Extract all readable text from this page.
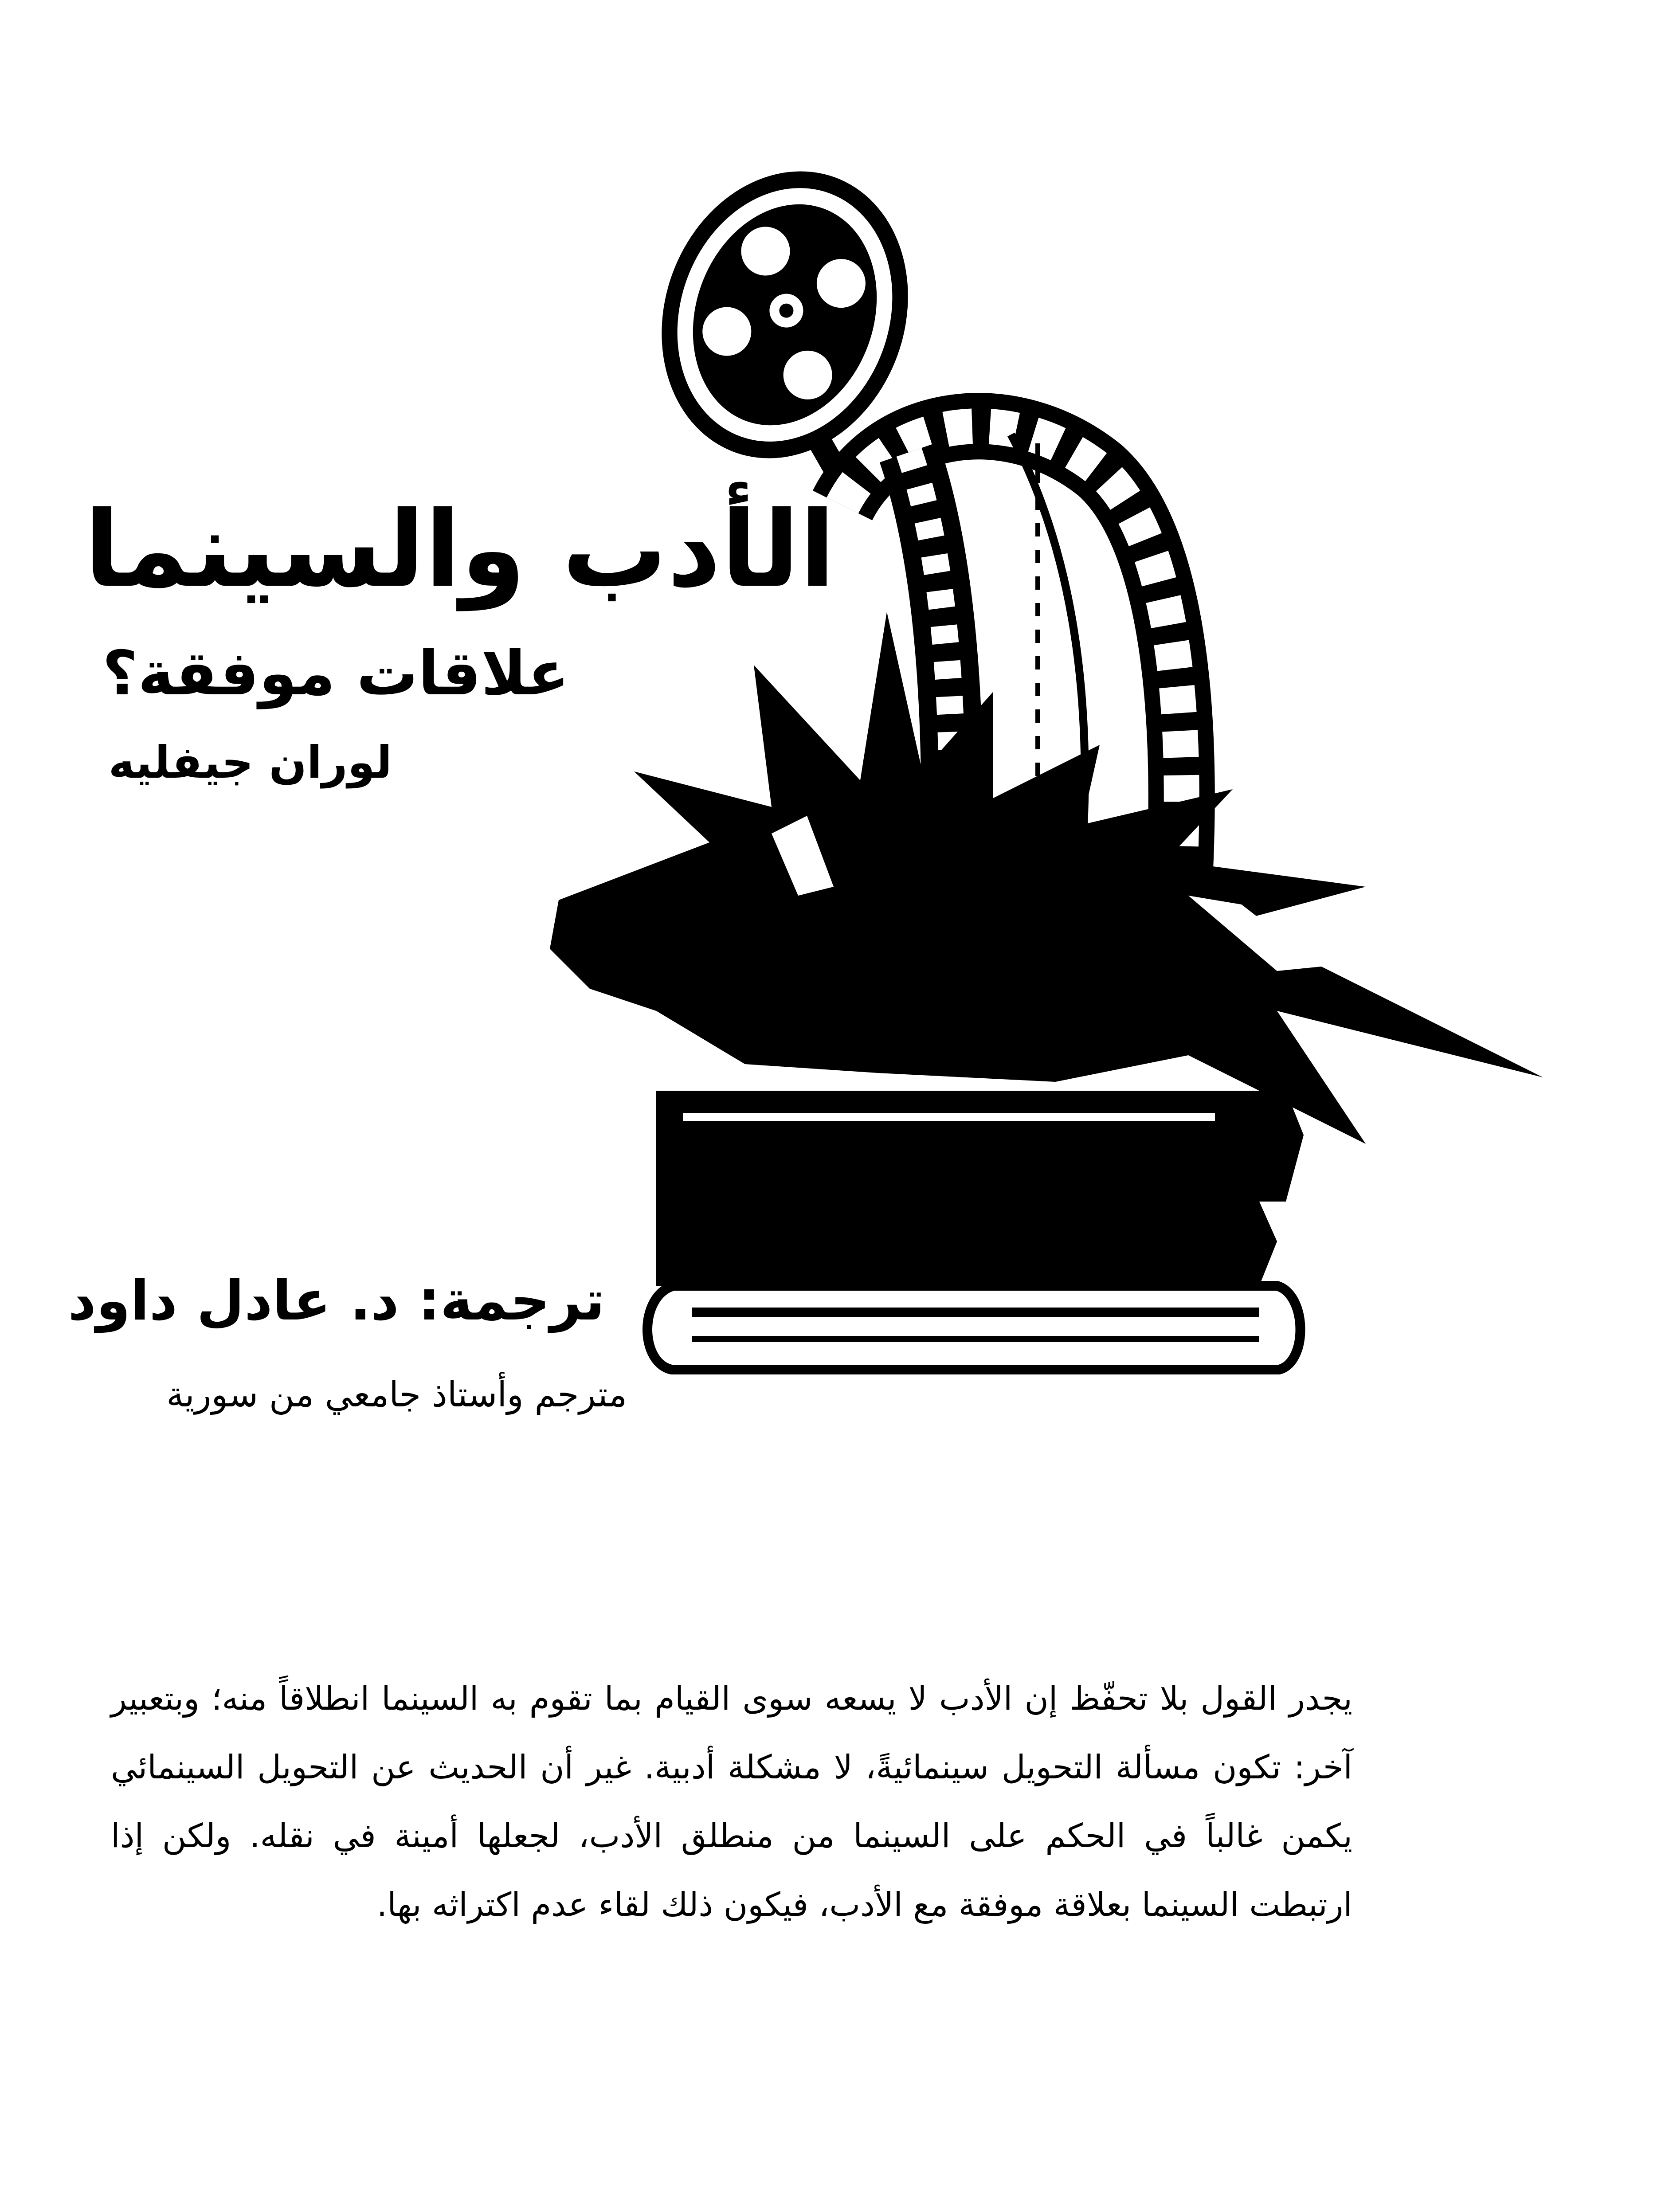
الأدب والسينما
علاقات موفقة؟
لوران جيفليه
ترجمة: د. عادل داود
مترجم وأستاذ جامعي من سورية

يجدر القول بلا تحفّظ إن الأدب لا يسعه سوى القيام بما تقوم به السينما انطلاقاً منه؛ وبتعبير آخر: تكون مسألة التحويل سينمائيةً، لا مشكلة أدبية. غير أن الحديث عن التحويل السينمائي يكمن غالباً في الحكم على السينما من منطلق الأدب، لجعلها أمينة في نقله. ولكن إذا ارتبطت السينما بعلاقة موفقة مع الأدب، فيكون ذلك لقاء عدم اكتراثه بها.
